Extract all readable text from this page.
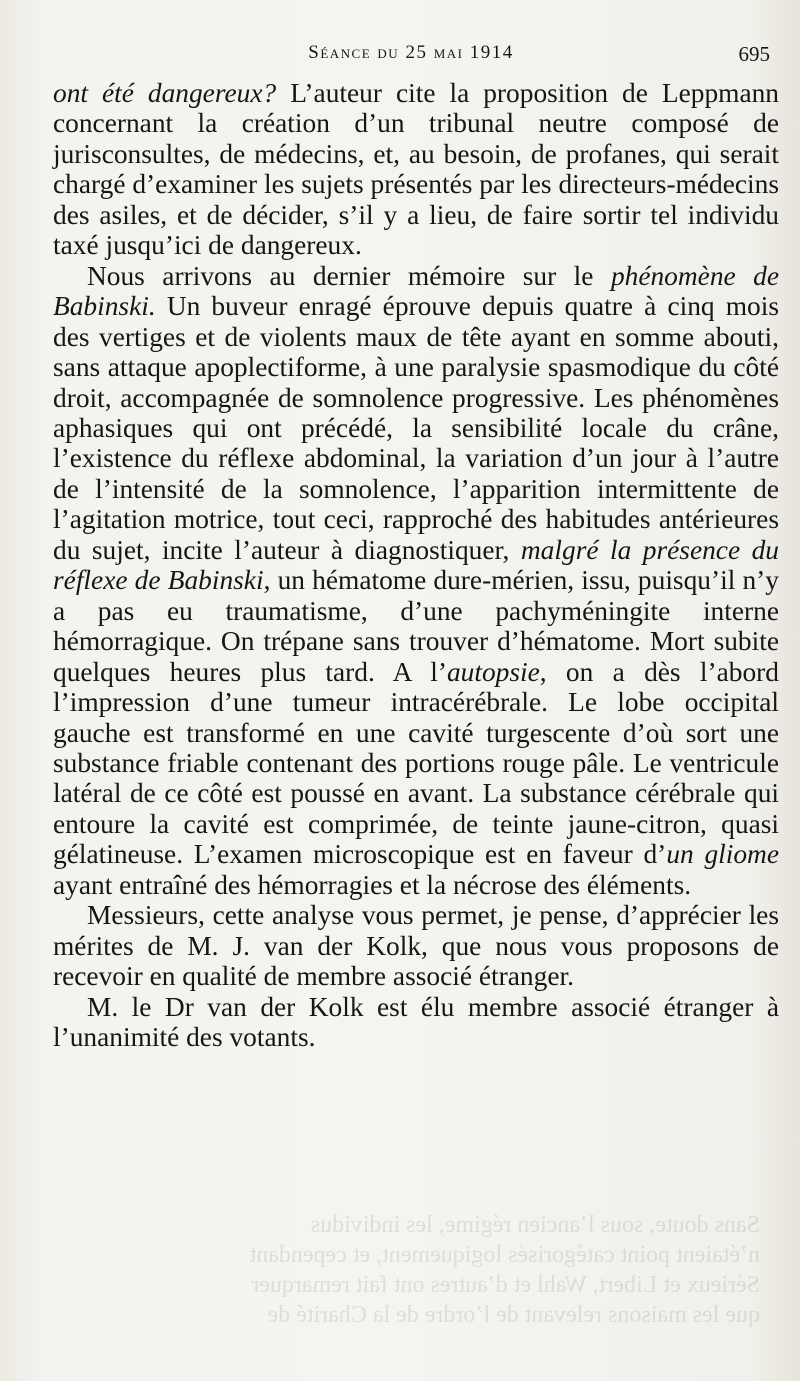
Séance du 25 mai 1914	695

ont été dangereux? L’auteur cite la proposition de Leppmann concernant la création d’un tribunal neutre composé de jurisconsultes, de médecins, et, au besoin, de profanes, qui serait chargé d’examiner les sujets présentés par les directeurs-médecins des asiles, et de décider, s’il y a lieu, de faire sortir tel individu taxé jusqu’ici de dangereux.

Nous arrivons au dernier mémoire sur le phénomène de Babinski. Un buveur enragé éprouve depuis quatre à cinq mois des vertiges et de violents maux de tête ayant en somme abouti, sans attaque apoplectiforme, à une paralysie spasmodique du côté droit, accompagnée de somnolence progressive. Les phénomènes aphasiques qui ont précédé, la sensibilité locale du crâne, l’existence du réflexe abdominal, la variation d’un jour à l’autre de l’intensité de la somnolence, l’apparition intermittente de l’agitation motrice, tout ceci, rapproché des habitudes antérieures du sujet, incite l’auteur à diagnostiquer, malgré la présence du réflexe de Babinski, un hématome dure-mérien, issu, puisqu’il n’y a pas eu traumatisme, d’une pachyméningite interne hémorragique. On trépane sans trouver d’hématome. Mort subite quelques heures plus tard. A l’autopsie, on a dès l’abord l’impression d’une tumeur intracérébrale. Le lobe occipital gauche est transformé en une cavité turgescente d’où sort une substance friable contenant des portions rouge pâle. Le ventricule latéral de ce côté est poussé en avant. La substance cérébrale qui entoure la cavité est comprimée, de teinte jaune-citron, quasi gélatineuse. L’examen microscopique est en faveur d’un gliome ayant entraîné des hémorragies et la nécrose des éléments.

Messieurs, cette analyse vous permet, je pense, d’apprécier les mérites de M. J. van der Kolk, que nous vous proposons de recevoir en qualité de membre associé étranger.

M. le Dr van der Kolk est élu membre associé étranger à l’unanimité des votants.

Sans doute, sous l’ancien régime, les individus
n’étaient point catégorisés logiquement, et cependant
Sérieux et Libert, Wahl et d’autres ont fait remarquer
que les maisons relevant de l’ordre de la Charité de
